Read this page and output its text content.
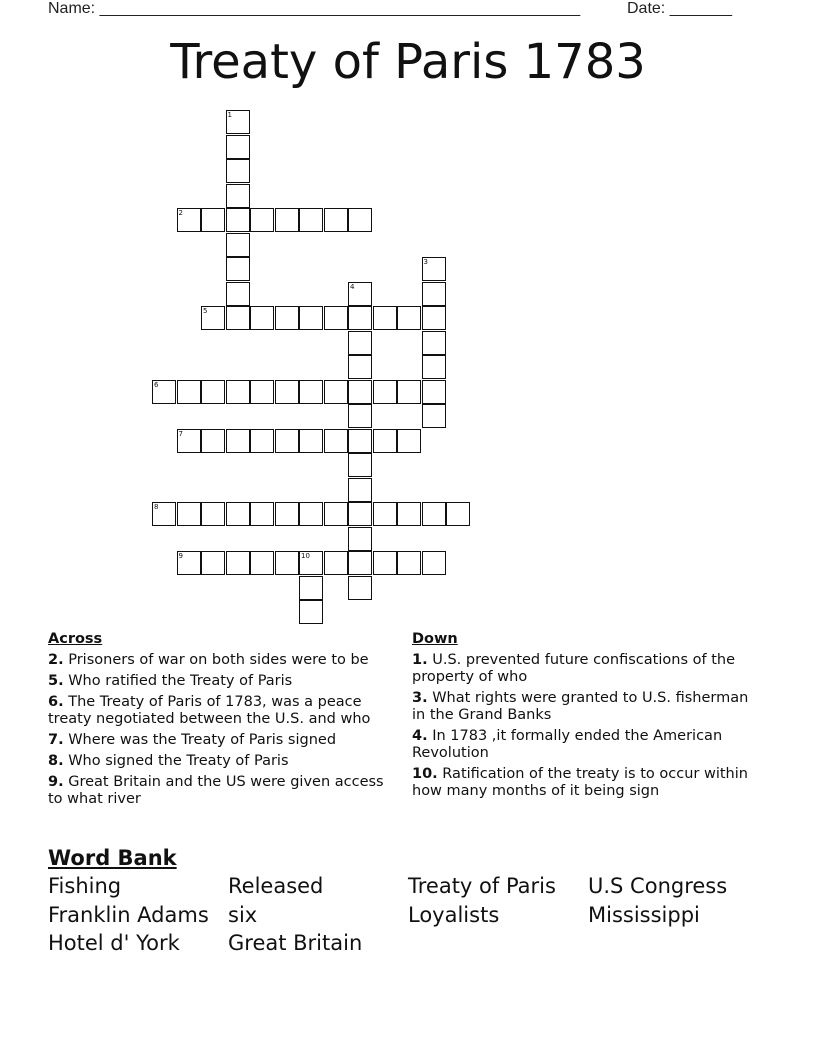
Name: ______________________________________________________	Date: _______
Treaty of Paris 1783
1
2
3
4
5
6
7
8
9	10
Across
2. Prisoners of war on both sides were to be
5. Who ratified the Treaty of Paris
6. The Treaty of Paris of 1783, was a peace treaty negotiated between the U.S. and who
7. Where was the Treaty of Paris signed
8. Who signed the Treaty of Paris
9. Great Britain and the US were given access to what river
Down
1. U.S. prevented future confiscations of the property of who
3. What rights were granted to U.S. fisherman in the Grand Banks
4. In 1783 ,it formally ended the American Revolution
10. Ratification of the treaty is to occur within how many months of it being sign
Word Bank
Fishing	Released	Treaty of Paris U.S Congress
Franklin Adams six	Loyalists	Mississippi
Hotel d' York Great Britain
